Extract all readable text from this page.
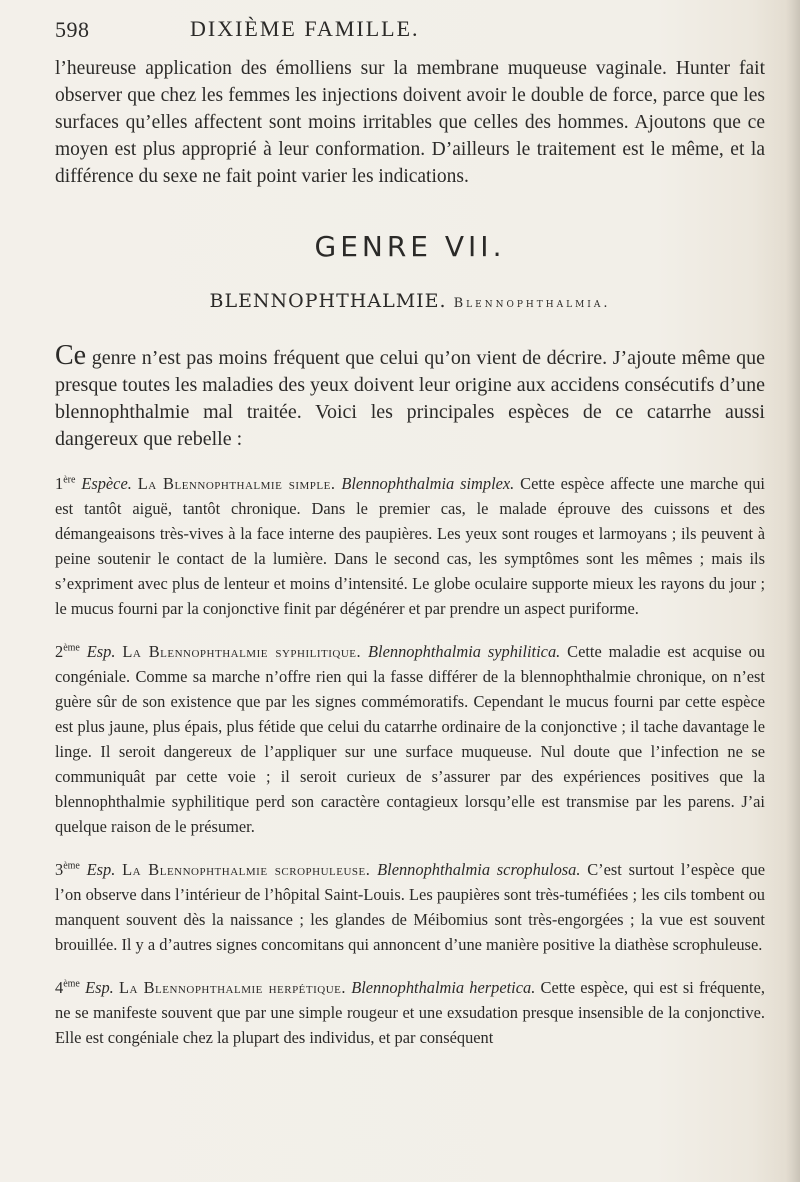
598	DIXIÈME FAMILLE.

l’heureuse application des émolliens sur la membrane muqueuse vaginale. Hunter fait observer que chez les femmes les injections doivent avoir le double de force, parce que les surfaces qu’elles affectent sont moins irritables que celles des hommes. Ajoutons que ce moyen est plus approprié à leur conformation. D’ailleurs le traitement est le même, et la différence du sexe ne fait point varier les indications.

GENRE VII.
BLENNOPHTHALMIE. Blennophthalmia.

Ce genre n’est pas moins fréquent que celui qu’on vient de décrire. J’ajoute même que presque toutes les maladies des yeux doivent leur origine aux accidens consécutifs d’une blennophthalmie mal traitée. Voici les principales espèces de ce catarrhe aussi dangereux que rebelle :

1ère Espèce. La Blennophthalmie simple. Blennophthalmia simplex. Cette espèce affecte une marche qui est tantôt aiguë, tantôt chronique. Dans le premier cas, le malade éprouve des cuissons et des démangeaisons très-vives à la face interne des paupières. Les yeux sont rouges et larmoyans ; ils peuvent à peine soutenir le contact de la lumière. Dans le second cas, les symptômes sont les mêmes ; mais ils s’expriment avec plus de lenteur et moins d’intensité. Le globe oculaire supporte mieux les rayons du jour ; le mucus fourni par la conjonctive finit par dégénérer et par prendre un aspect puriforme.

2ème Esp. La Blennophthalmie syphilitique. Blennophthalmia syphilitica. Cette maladie est acquise ou congéniale. Comme sa marche n’offre rien qui la fasse différer de la blennophthalmie chronique, on n’est guère sûr de son existence que par les signes commémoratifs. Cependant le mucus fourni par cette espèce est plus jaune, plus épais, plus fétide que celui du catarrhe ordinaire de la conjonctive ; il tache davantage le linge. Il seroit dangereux de l’appliquer sur une surface muqueuse. Nul doute que l’infection ne se communiquât par cette voie ; il seroit curieux de s’assurer par des expériences positives que la blennophthalmie syphilitique perd son caractère contagieux lorsqu’elle est transmise par les parens. J’ai quelque raison de le présumer.

3ème Esp. La Blennophthalmie scrophuleuse. Blennophthalmia scrophulosa. C’est surtout l’espèce que l’on observe dans l’intérieur de l’hôpital Saint-Louis. Les paupières sont très-tuméfiées ; les cils tombent ou manquent souvent dès la naissance ; les glandes de Méibomius sont très-engorgées ; la vue est souvent brouillée. Il y a d’autres signes concomitans qui annoncent d’une manière positive la diathèse scrophuleuse.

4ème Esp. La Blennophthalmie herpétique. Blennophthalmia herpetica. Cette espèce, qui est si fréquente, ne se manifeste souvent que par une simple rougeur et une exsudation presque insensible de la conjonctive. Elle est congéniale chez la plupart des individus, et par conséquent
